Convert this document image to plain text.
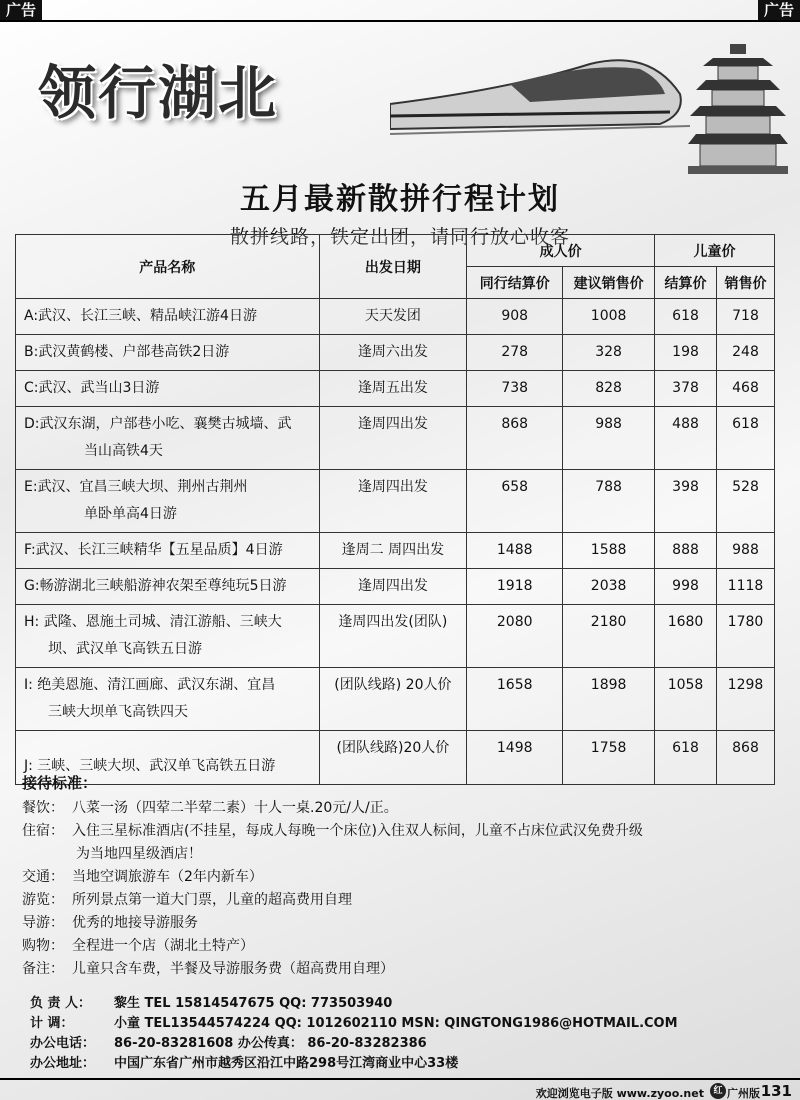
广告	广告
领行湖北
五月最新散拼行程计划
散拼线路，铁定出团，请同行放心收客
产品名称	出发日期	成人价		儿童价	
		同行结算价	建议销售价	结算价	销售价

A:武汉、长江三峡、精品峡江游4日游	天天发团	908	1008	618	718

B:武汉黄鹤楼、户部巷高铁2日游	逢周六出发	278	328	198	248

C:武汉、武当山3日游	逢周五出发	738	828	378	468

D:武汉东湖，户部巷小吃、襄樊古城墙、武
当山高铁4天	逢周四出发	868	988	488	618

E:武汉、宜昌三峡大坝、荆州古荆州
单卧单高4日游	逢周四出发	658	788	398	528

F:武汉、长江三峡精华【五星品质】4日游	逢周二 周四出发	1488	1588	888	988

G:畅游湖北三峡船游神农架至尊纯玩5日游	逢周四出发	1918	2038	998	1118

H: 武隆、恩施土司城、清江游船、三峡大
坝、武汉单飞高铁五日游	逢周四出发(团队)	2080	2180	1680	1780

I: 绝美恩施、清江画廊、武汉东湖、宜昌
三峡大坝单飞高铁四天	(团队线路) 20人价	1658	1898	1058	1298

J: 三峡、三峡大坝、武汉单飞高铁五日游	(团队线路)20人价	1498	1758	618	868
接待标准：
餐饮： 八菜一汤（四荤二半荤二素）十人一桌.20元/人/正。
住宿： 入住三星标准酒店(不挂星，每成人每晚一个床位)入住双人标间，儿童不占床位武汉免费升级
为当地四星级酒店！
交通： 当地空调旅游车（2年内新车）
游览： 所列景点第一道大门票，儿童的超高费用自理
导游： 优秀的地接导游服务
购物： 全程进一个店（湖北土特产）
备注： 儿童只含车费，半餐及导游服务费（超高费用自理）
负 责 人：	黎生 TEL 15814547675 QQ: 773503940
计 调：	小童 TEL13544574224 QQ: 1012602110 MSN: QINGTONG1986@HOTMAIL.COM
办公电话：	86-20-83281608 办公传真： 86-20-83282386
办公地址：	中国广东省广州市越秀区沿江中路298号江湾商业中心33楼
欢迎浏览电子版 www.zyoo.net	红 广州版 131
